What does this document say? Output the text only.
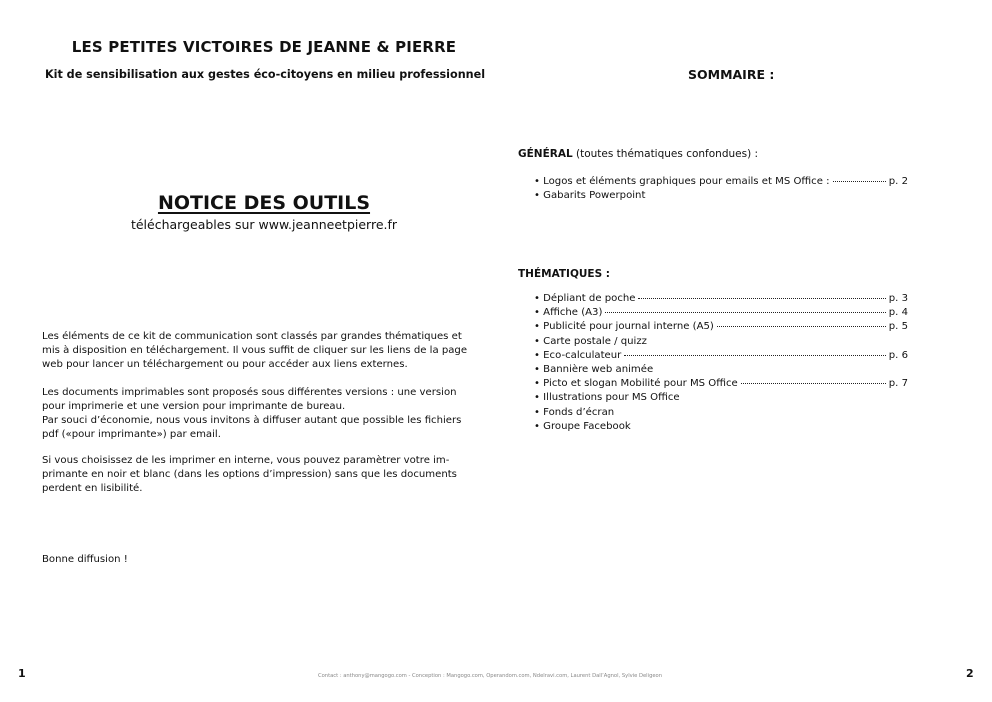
LES PETITES VICTOIRES DE JEANNE & PIERRE
Kit de sensibilisation aux gestes éco-citoyens en milieu professionnel
NOTICE DES OUTILS
téléchargeables sur www.jeanneetpierre.fr

Les éléments de ce kit de communication sont classés par grandes thématiques et

mis à disposition en téléchargement. Il vous suffit de cliquer sur les liens de la page

web pour lancer un téléchargement ou pour accéder aux liens externes.

Les documents imprimables sont proposés sous différentes versions : une version

pour imprimerie et une version pour imprimante de bureau.

Par souci d’économie, nous vous invitons à diffuser autant que possible les fichiers

pdf («pour imprimante») par email.

Si vous choisissez de les imprimer en interne, vous pouvez paramètrer votre im-

primante en noir et blanc (dans les options d’impression) sans que les documents

perdent en lisibilité.

Bonne diffusion !
SOMMAIRE :
GÉNÉRAL (toutes thématiques confondues) :
• Logos et éléments graphiques pour emails et MS Office :	p. 2
• Gabarits Powerpoint
THÉMATIQUES :
• Dépliant de poche	p. 3
• Affiche (A3)	p. 4
• Publicité pour journal interne (A5)	p. 5
• Carte postale / quizz
• Eco-calculateur	p. 6
• Bannière web animée
• Picto et slogan Mobilité pour MS Office	p. 7
• Illustrations pour MS Office
• Fonds d’écran
• Groupe Facebook
1	2
Contact : anthony@mangogo.com - Conception : Mangogo.com, Operandom.com, Ndelravi.com, Laurent Dall’Agnol, Sylvie Deligeon
